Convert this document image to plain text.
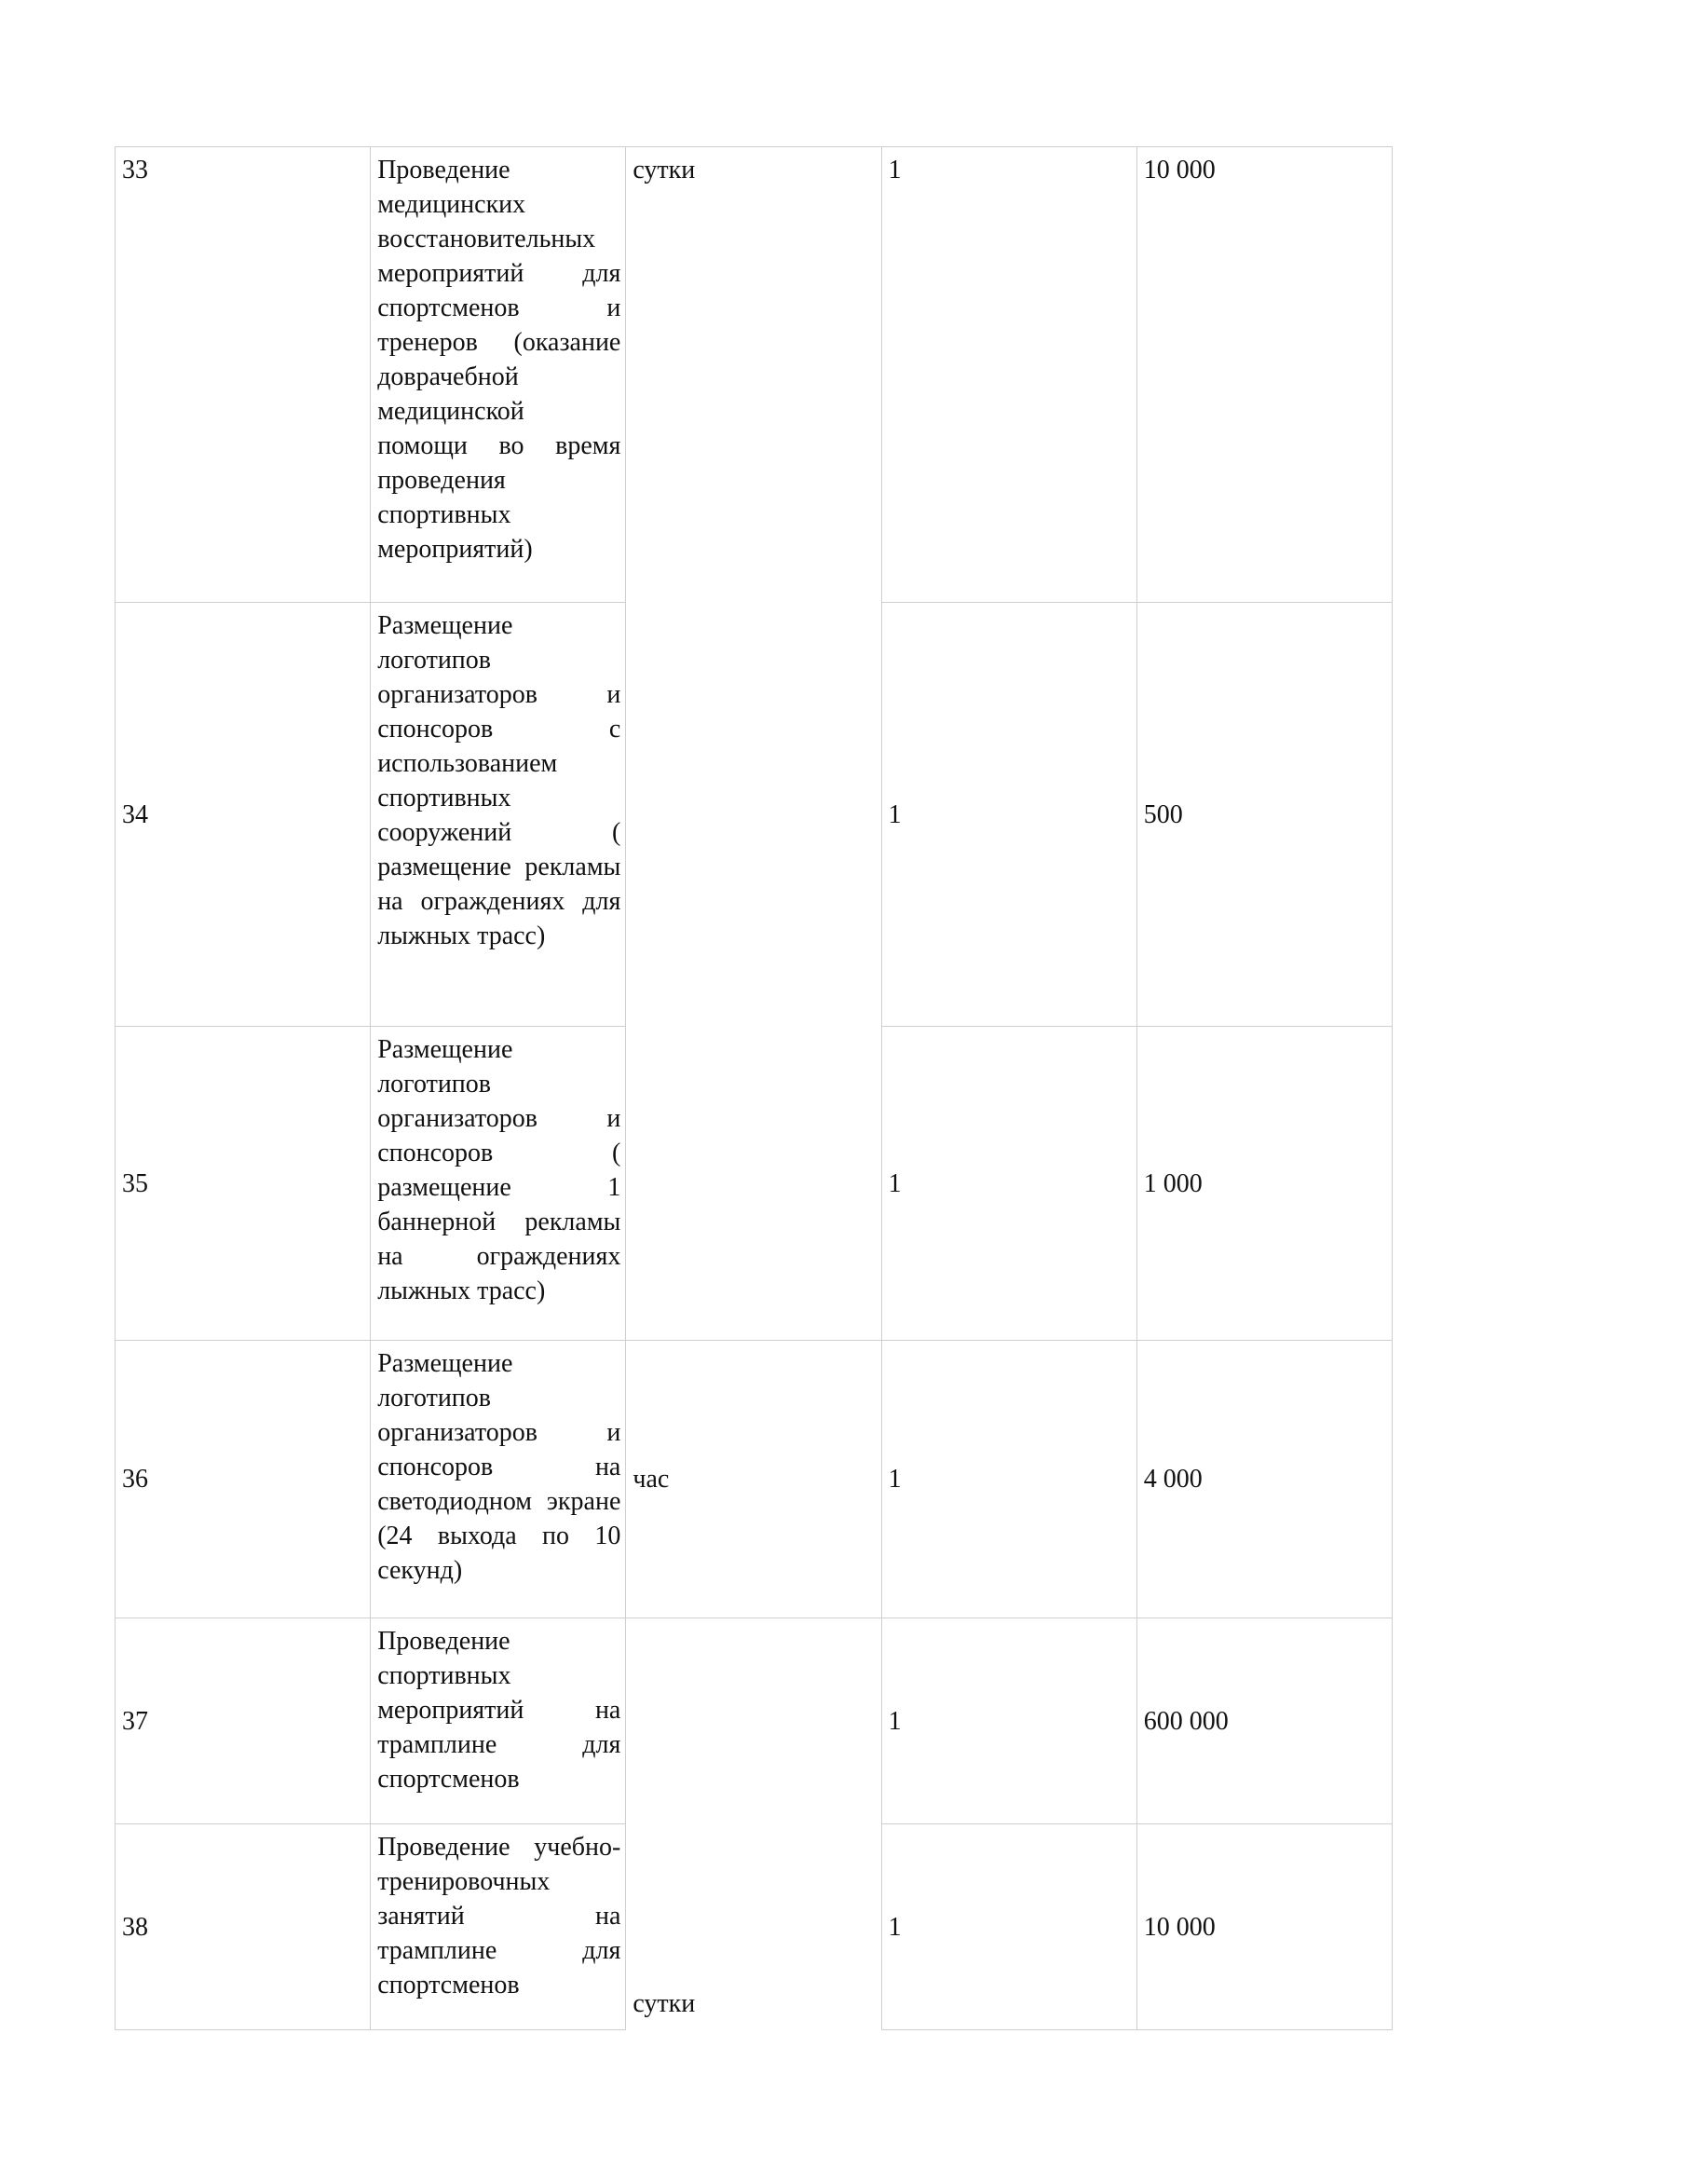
33	Проведение медицинских восстановительных мероприятий для спортсменов и тренеров (оказание доврачебной медицинской помощи во время проведения спортивных мероприятий)	сутки	1	10 000
34	Размещение логотипов организаторов и спонсоров с использованием спортивных сооружений ( размещение рекламы на ограждениях для лыжных трасс)		1	500
35	Размещение логотипов организаторов и спонсоров ( размещение 1 баннерной рекламы на ограждениях лыжных трасс)		1	1 000
36	Размещение логотипов организаторов и спонсоров на светодиодном экране (24 выхода по 10 секунд)	час	1	4 000
37	Проведение спортивных мероприятий на трамплине для спортсменов	сутки	1	600 000
38	Проведение учебно-тренировочных занятий на трамплине для спортсменов		1	10 000
